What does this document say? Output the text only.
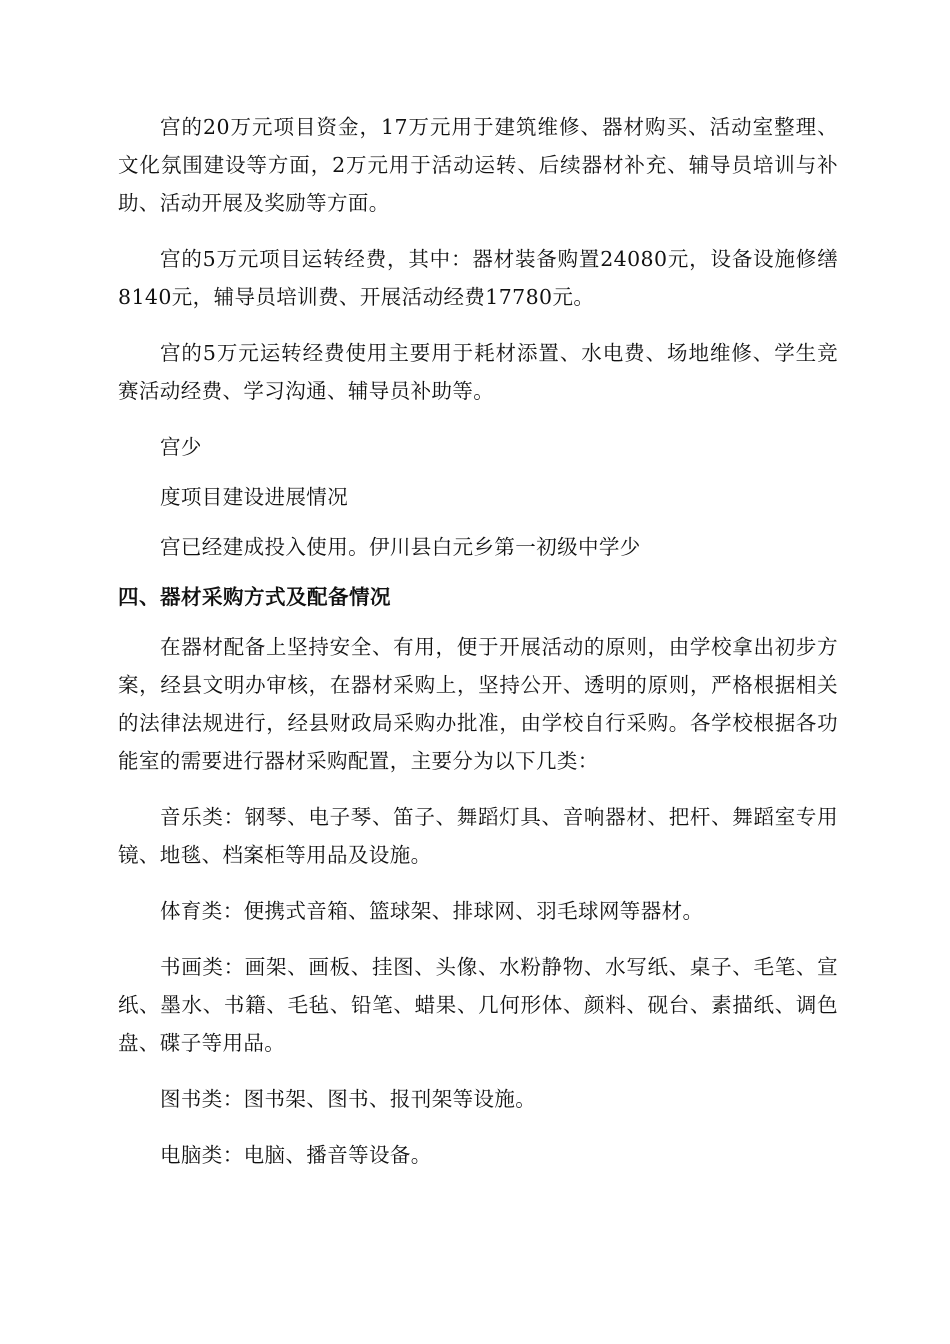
宫的20万元项目资金，17万元用于建筑维修、器材购买、活动室整理、文化氛围建设等方面，2万元用于活动运转、后续器材补充、辅导员培训与补助、活动开展及奖励等方面。

宫的5万元项目运转经费，其中：器材装备购置24080元，设备设施修缮8140元，辅导员培训费、开展活动经费17780元。

宫的5万元运转经费使用主要用于耗材添置、水电费、场地维修、学生竞赛活动经费、学习沟通、辅导员补助等。

宫少

度项目建设进展情况

宫已经建成投入使用。伊川县白元乡第一初级中学少

四、器材采购方式及配备情况

在器材配备上坚持安全、有用，便于开展活动的原则，由学校拿出初步方案，经县文明办审核，在器材采购上，坚持公开、透明的原则，严格根据相关的法律法规进行，经县财政局采购办批准，由学校自行采购。各学校根据各功能室的需要进行器材采购配置，主要分为以下几类：

音乐类：钢琴、电子琴、笛子、舞蹈灯具、音响器材、把杆、舞蹈室专用镜、地毯、档案柜等用品及设施。

体育类：便携式音箱、篮球架、排球网、羽毛球网等器材。

书画类：画架、画板、挂图、头像、水粉静物、水写纸、桌子、毛笔、宣纸、墨水、书籍、毛毡、铅笔、蜡果、几何形体、颜料、砚台、素描纸、调色盘、碟子等用品。

图书类：图书架、图书、报刊架等设施。

电脑类：电脑、播音等设备。
